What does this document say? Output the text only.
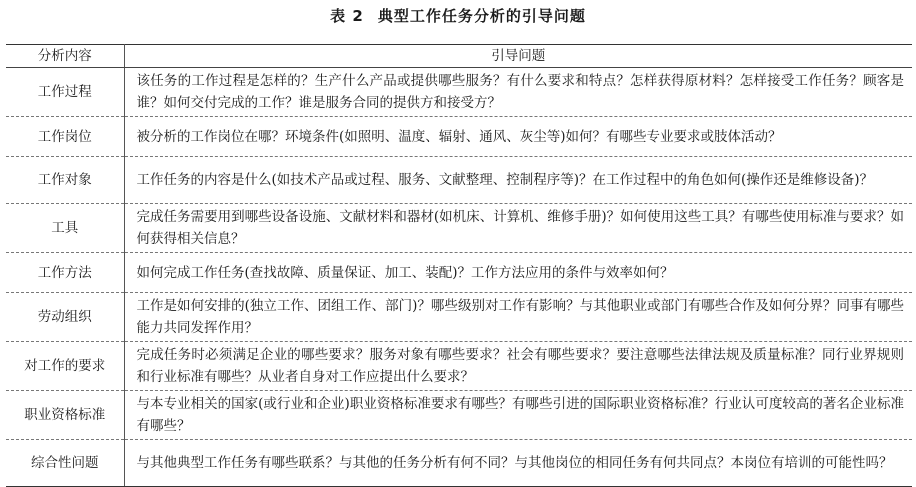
表 2 典型工作任务分析的引导问题
分析内容	引导问题
工作过程	该任务的工作过程是怎样的？生产什么产品或提供哪些服务？有什么要求和特点？怎样获得原材料？怎样接受工作任务？顾客是谁？如何交付完成的工作？谁是服务合同的提供方和接受方？
工作岗位	被分析的工作岗位在哪？环境条件(如照明、温度、辐射、通风、灰尘等)如何？有哪些专业要求或肢体活动？
工作对象	工作任务的内容是什么(如技术产品或过程、服务、文献整理、控制程序等)？在工作过程中的角色如何(操作还是维修设备)？
工具	完成任务需要用到哪些设备设施、文献材料和器材(如机床、计算机、维修手册)？如何使用这些工具？有哪些使用标准与要求？如何获得相关信息？
工作方法	如何完成工作任务(查找故障、质量保证、加工、装配)？工作方法应用的条件与效率如何？
劳动组织	工作是如何安排的(独立工作、团组工作、部门)？哪些级别对工作有影响？与其他职业或部门有哪些合作及如何分界？同事有哪些能力共同发挥作用？
对工作的要求	完成任务时必须满足企业的哪些要求？服务对象有哪些要求？社会有哪些要求？要注意哪些法律法规及质量标准？同行业界规则和行业标准有哪些？从业者自身对工作应提出什么要求？
职业资格标准	与本专业相关的国家(或行业和企业)职业资格标准要求有哪些？有哪些引进的国际职业资格标准？行业认可度较高的著名企业标准有哪些？
综合性问题	与其他典型工作任务有哪些联系？与其他的任务分析有何不同？与其他岗位的相同任务有何共同点？本岗位有培训的可能性吗？
